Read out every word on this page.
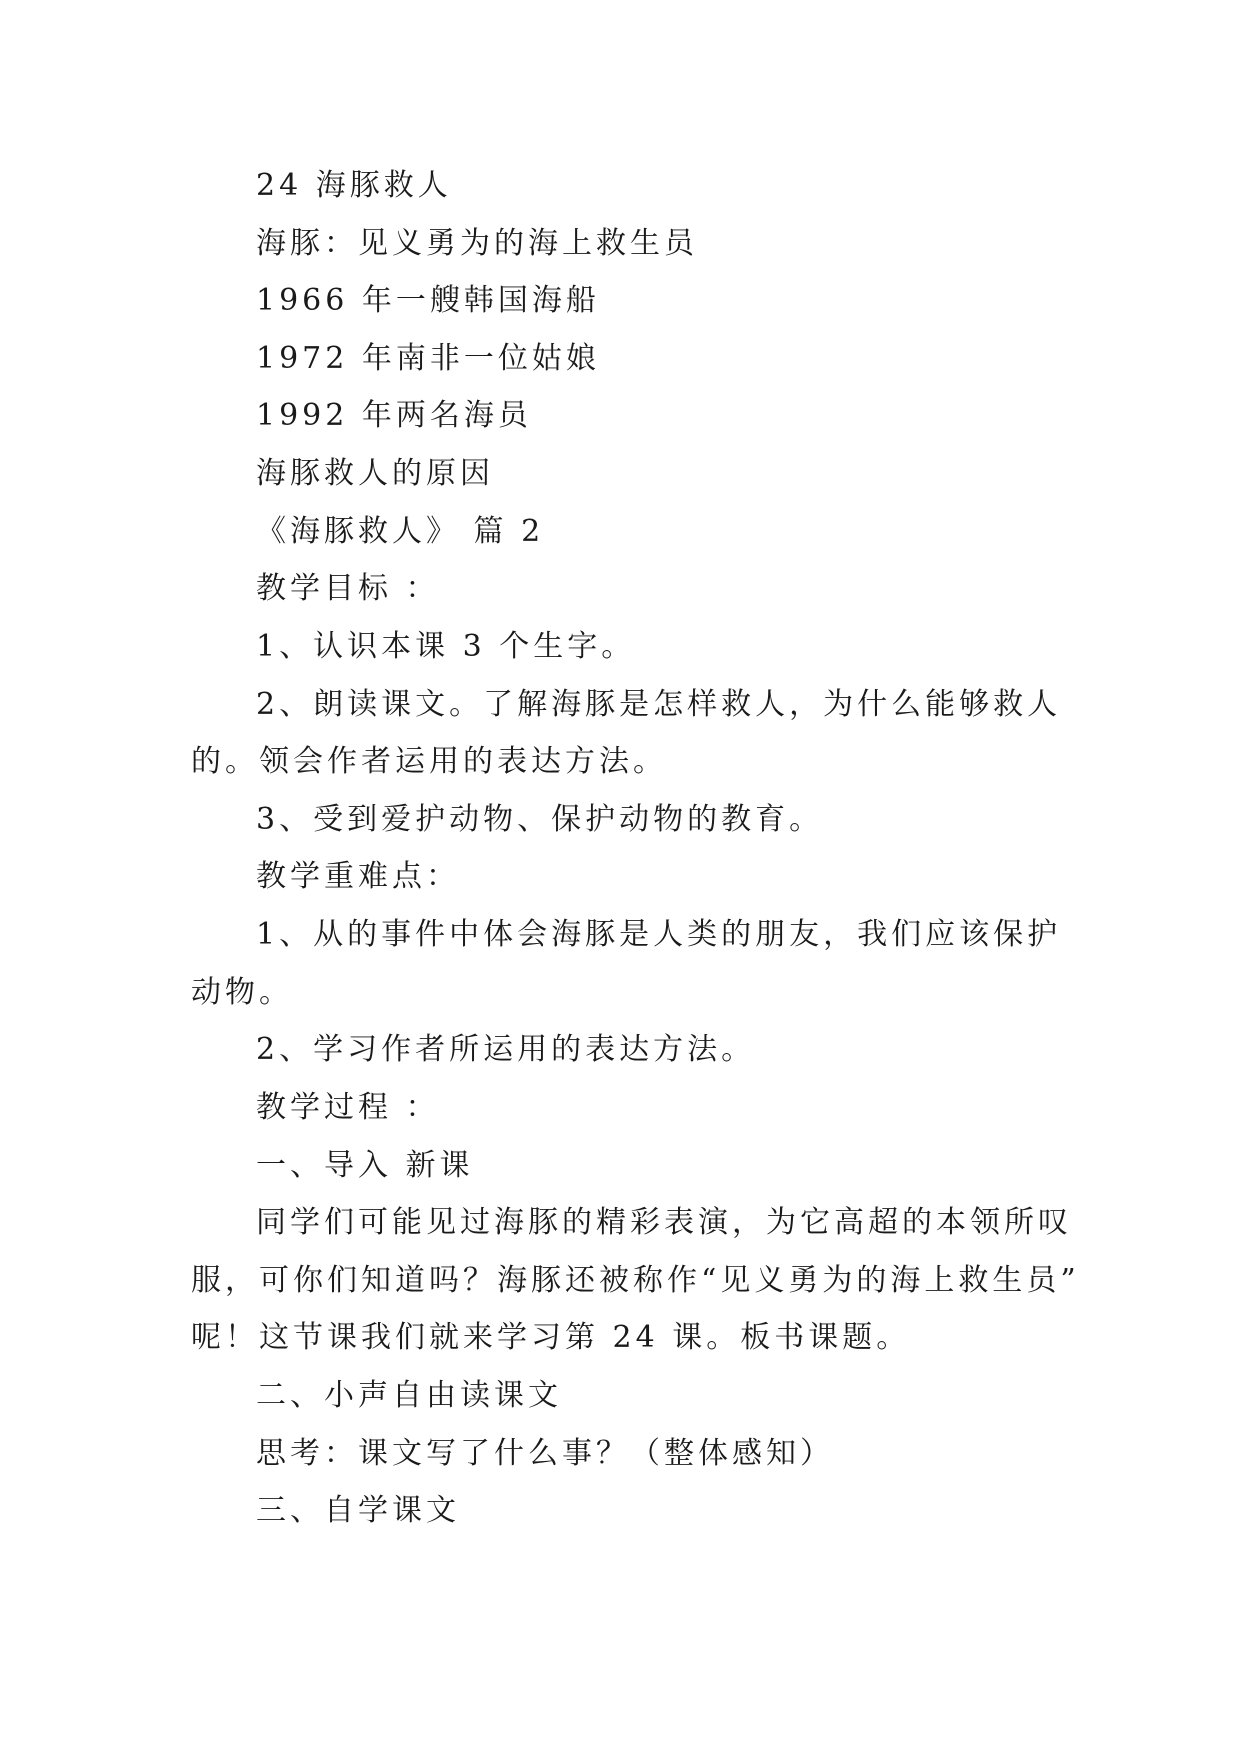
24 海豚救人
海豚：见义勇为的海上救生员
1966 年一艘韩国海船
1972 年南非一位姑娘
1992 年两名海员
海豚救人的原因
《海豚救人》 篇 2
教学目标 ：
1、认识本课 3 个生字。
2、朗读课文。了解海豚是怎样救人，为什么能够救人
的。领会作者运用的表达方法。
3、受到爱护动物、保护动物的教育。
教学重难点：
1、从的事件中体会海豚是人类的朋友，我们应该保护
动物。
2、学习作者所运用的表达方法。
教学过程 ：
一、导入 新课
同学们可能见过海豚的精彩表演，为它高超的本领所叹
服，可你们知道吗？海豚还被称作“见义勇为的海上救生员”
呢！这节课我们就来学习第 24 课。板书课题。
二、小声自由读课文
思考：课文写了什么事？（整体感知）
三、自学课文
